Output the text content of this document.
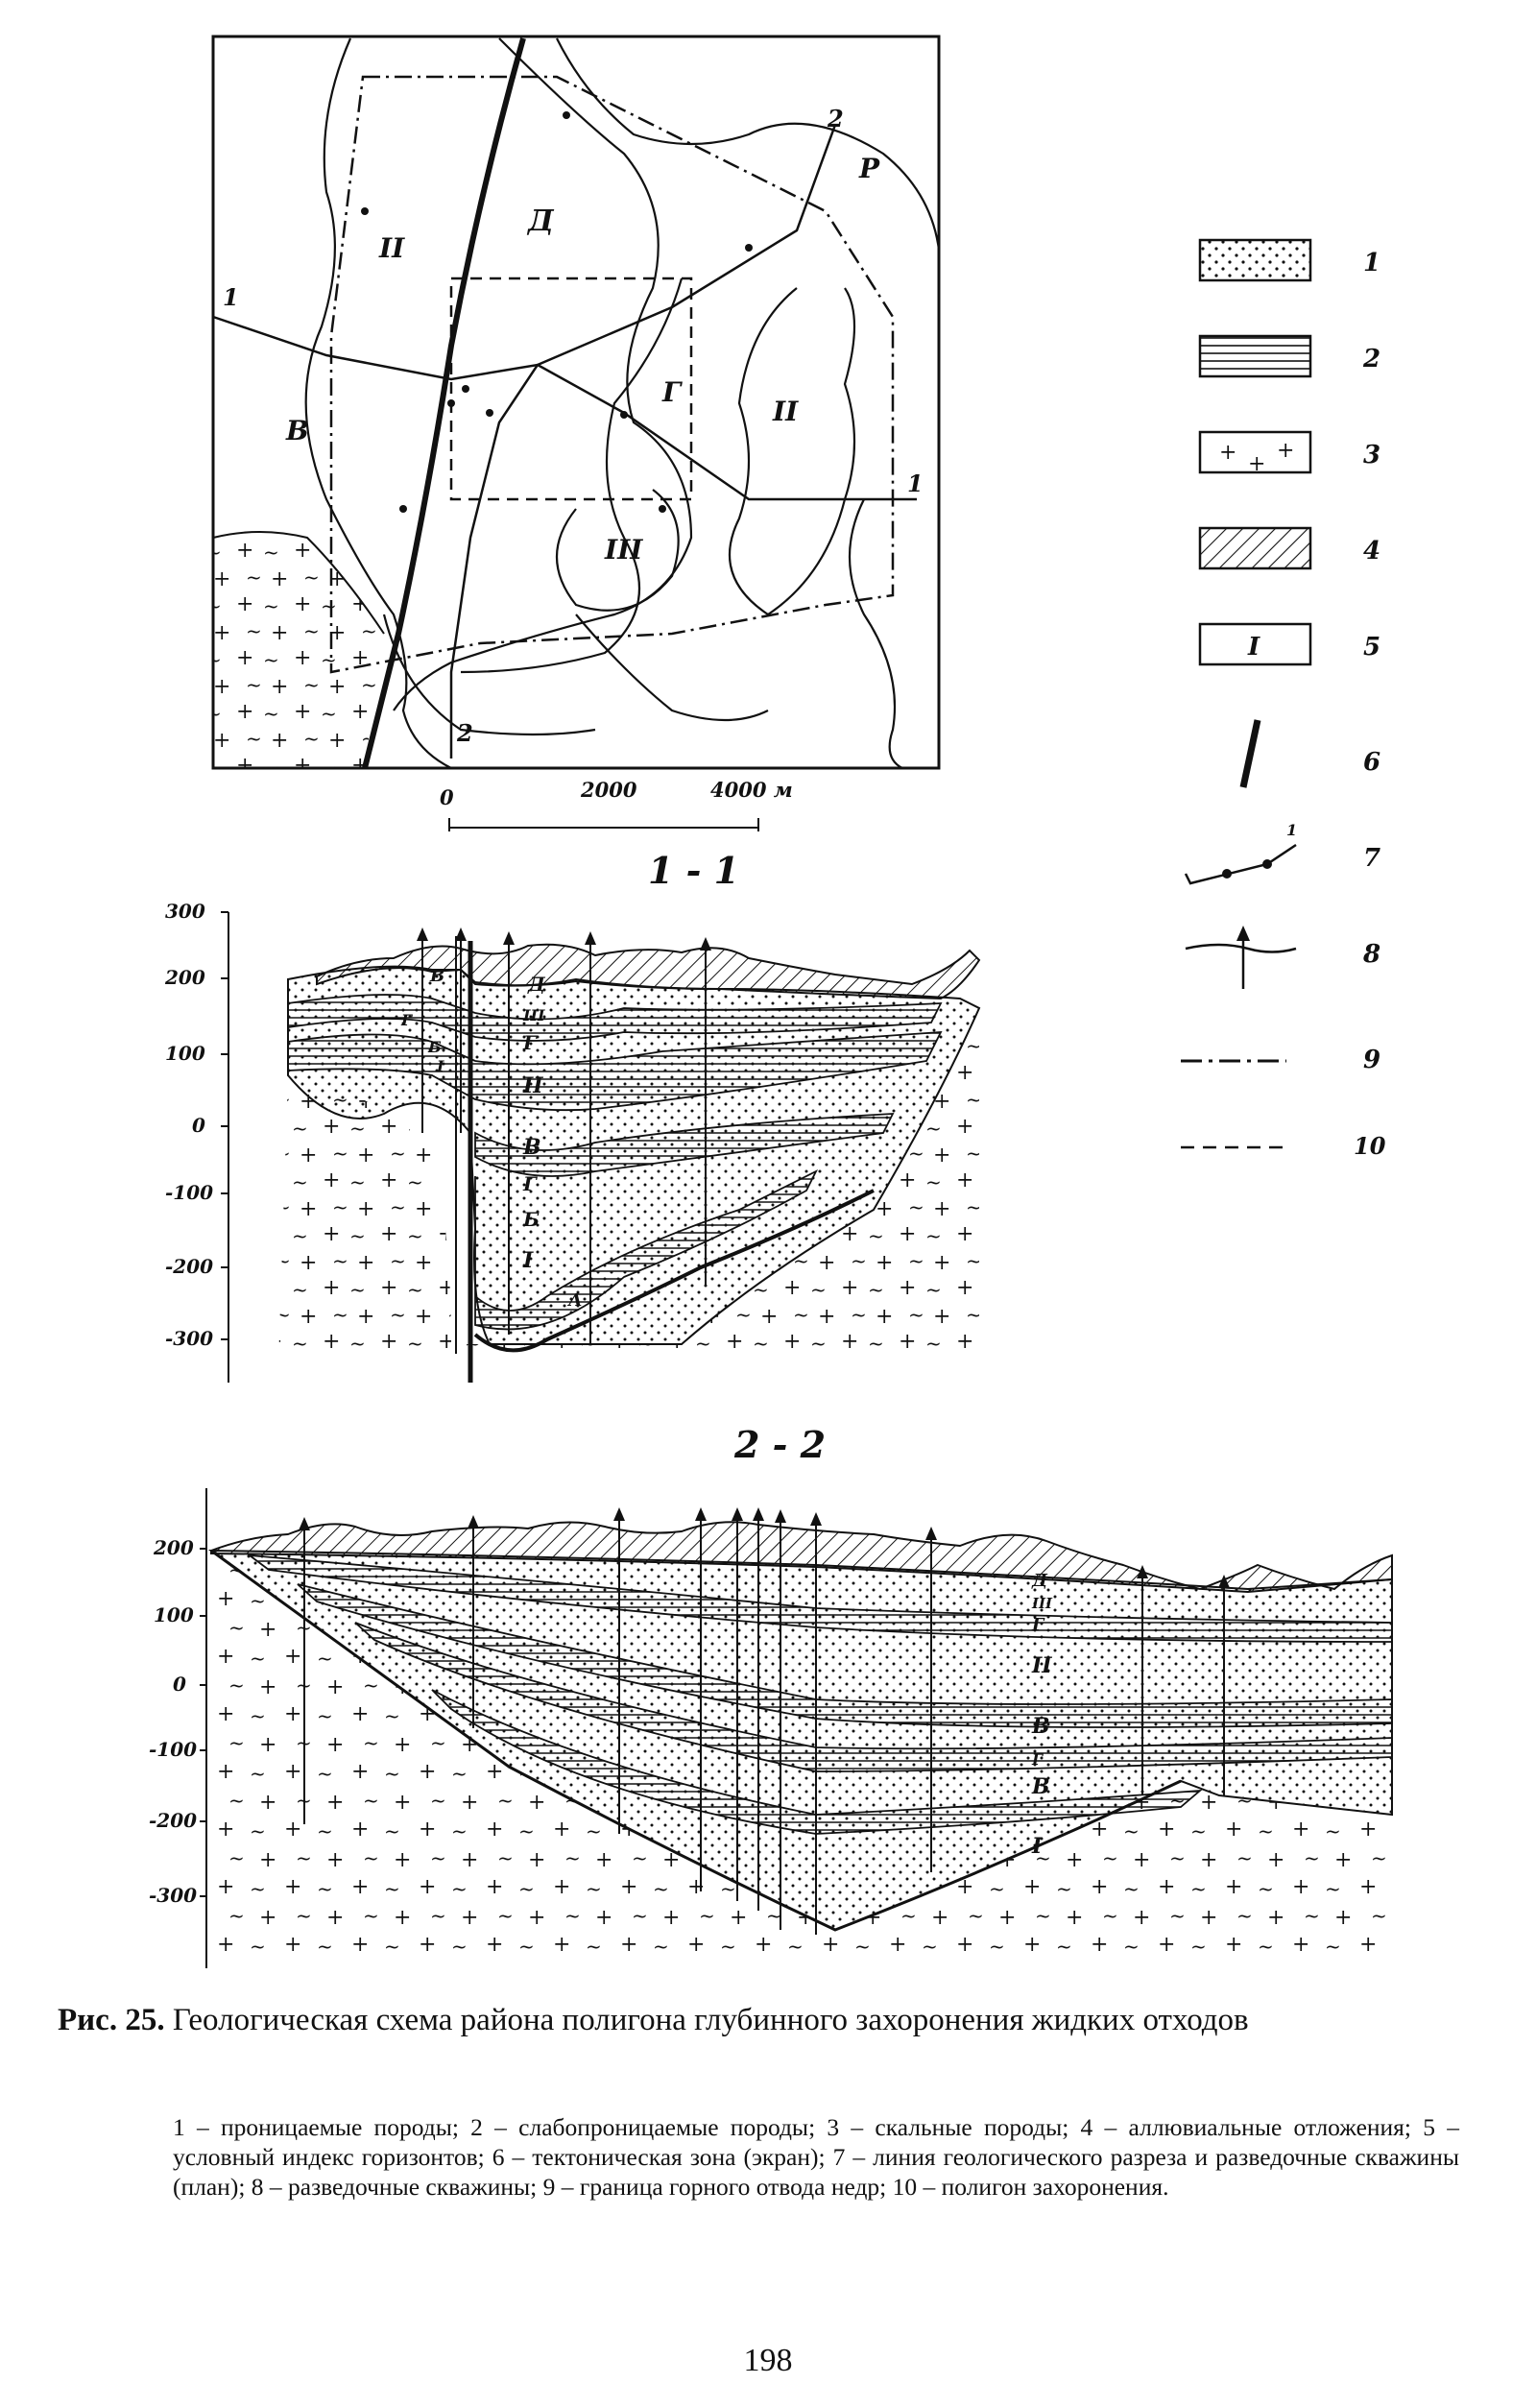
Д
Р
В
Г
II
II
III
1
1
2
2
0	2000	4000 м
1
2
+ +
+	3
4
I	5
6
1
7
8
9
10
1 - 1
300
200
100
0
-100
-200
-300
Д
III
Г
II
В
Г
Б
I
А
В
Г
Б
I
2 - 2
200
100
0
-100
-200
-300
Д
III
Г
II
В
Г
В
I
Рис. 25. Геологическая схема района полигона глубинного захоронения жидких отходов
1 – проницаемые породы; 2 – слабопроницаемые породы; 3 – скальные породы; 4 – аллювиальные отложения; 5 – условный индекс горизонтов; 6 – тектоническая зона (экран); 7 – линия геологического разреза и разведочные скважины (план); 8 – разведочные скважины; 9 – граница горного отвода недр; 10 – полигон захоронения.
198
